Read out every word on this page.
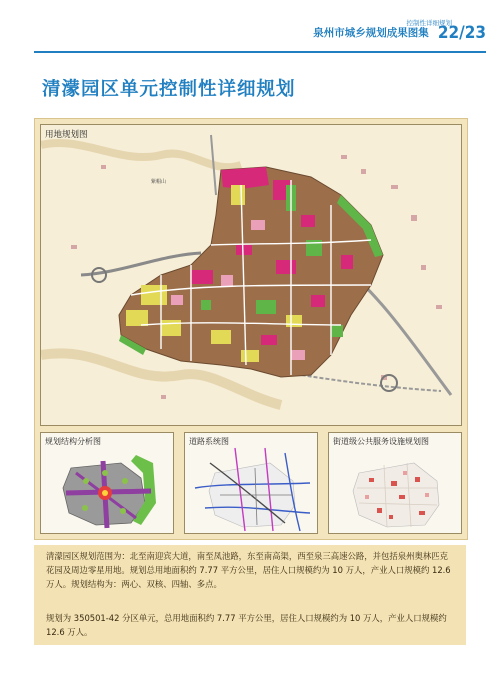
控制性详细规划
泉州市城乡规划成果图集 22/23
清濛园区单元控制性详细规划
用地规划图
紫帽山
规划结构分析图	道路系统图	街道级公共服务设施规划图

清濛园区规划范围为：北至南迎宾大道，南至凤池路，东至南高渠，西至泉三高速公路，并包括泉州奥林匹克花园及周边零星用地。规划总用地面积约 7.77 平方公里，居住人口规模约为 10 万人，产业人口规模约 12.6 万人。规划结构为：两心、双核、四轴、多点。

规划为 350501-42 分区单元，总用地面积约 7.77 平方公里，居住人口规模约为 10 万人，产业人口规模约 12.6 万人。
